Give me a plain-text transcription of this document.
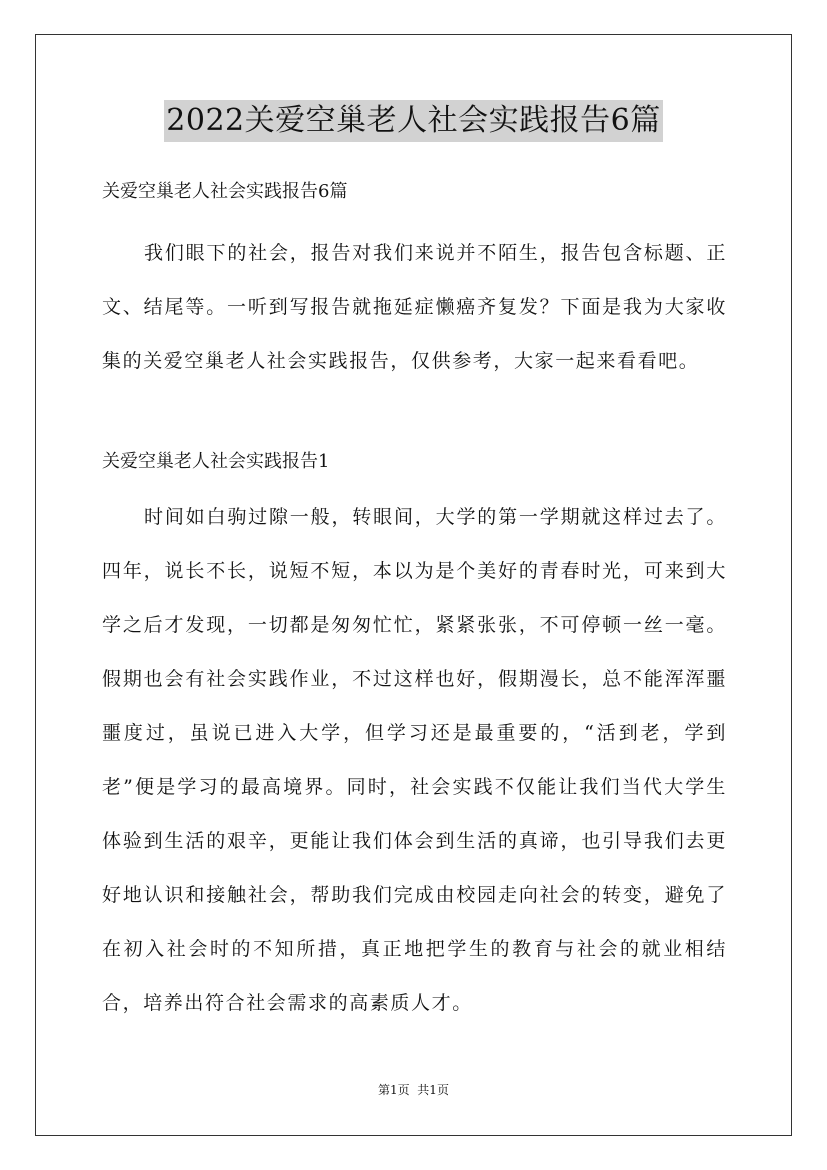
2022关爱空巢老人社会实践报告6篇

关爱空巢老人社会实践报告6篇

我们眼下的社会，报告对我们来说并不陌生，报告包含标题、正文、结尾等。一听到写报告就拖延症懒癌齐复发？下面是我为大家收集的关爱空巢老人社会实践报告，仅供参考，大家一起来看看吧。

关爱空巢老人社会实践报告1

时间如白驹过隙一般，转眼间，大学的第一学期就这样过去了。四年，说长不长，说短不短，本以为是个美好的青春时光，可来到大学之后才发现，一切都是匆匆忙忙，紧紧张张，不可停顿一丝一毫。假期也会有社会实践作业，不过这样也好，假期漫长，总不能浑浑噩噩度过，虽说已进入大学，但学习还是最重要的，“活到老，学到老”便是学习的最高境界。同时，社会实践不仅能让我们当代大学生体验到生活的艰辛，更能让我们体会到生活的真谛，也引导我们去更好地认识和接触社会，帮助我们完成由校园走向社会的转变，避免了在初入社会时的不知所措，真正地把学生的教育与社会的就业相结合，培养出符合社会需求的高素质人才。

第1页  共1页
